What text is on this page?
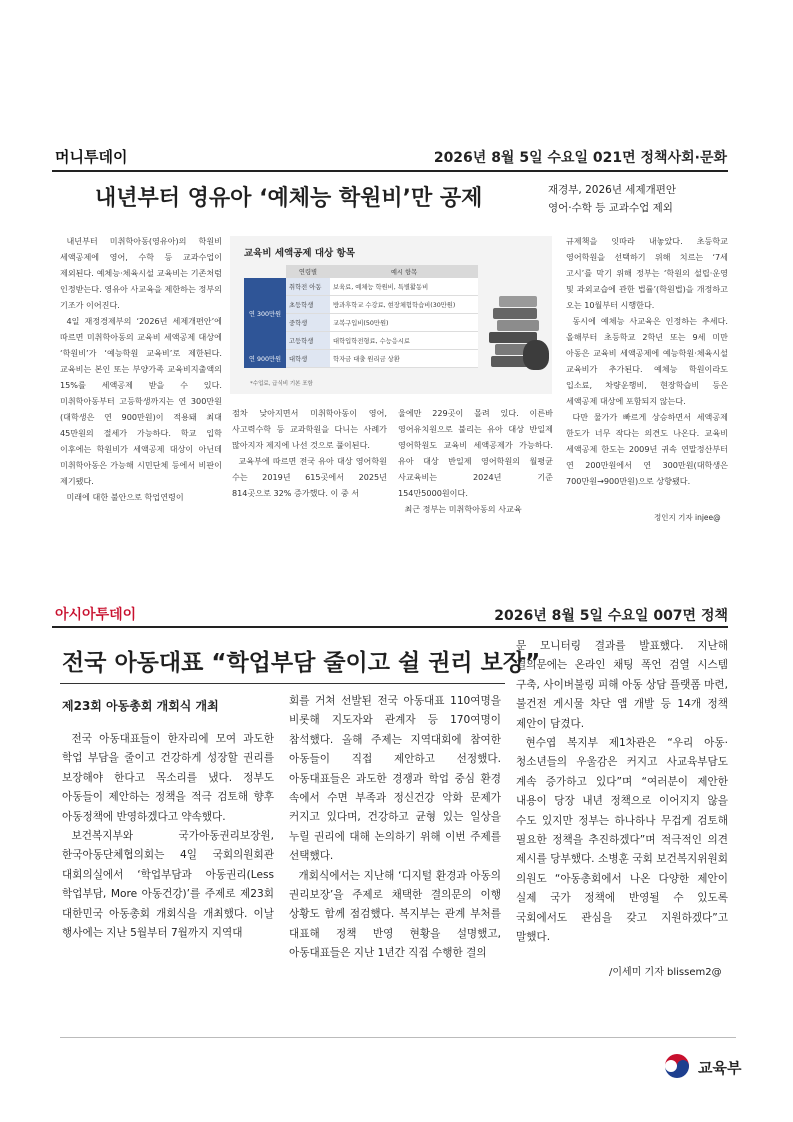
머니투데이	2026년 8월 5일 수요일 021면 정책사회·문화
내년부터 영유아 ‘예체능 학원비’만 공제	재경부, 2026년 세제개편안
영어·수학 등 교과수업 제외

내년부터 미취학아동(영유아)의 학원비 세액공제에 영어, 수학 등 교과수업이 제외된다. 예체능·체육시설 교육비는 기존처럼 인정받는다. 영유아 사교육을 제한하는 정부의 기조가 이어진다.

4일 재정경제부의 ‘2026년 세제개편안’에 따르면 미취학아동의 교육비 세액공제 대상에 ‘학원비’가 ‘예능학원 교육비’로 제한된다. 교육비는 본인 또는 부양가족 교육비지출액의 15%를 세액공제 받을 수 있다. 미취학아동부터 고등학생까지는 연 300만원(대학생은 연 900만원)이 적용돼 최대 45만원의 절세가 가능하다. 학교 입학 이후에는 학원비가 세액공제 대상이 아닌데 미취학아동은 가능해 시민단체 등에서 비판이 제기됐다.

미래에 대한 불안으로 학업연령이

교육비 세액공제 대상 항목
	연령별	예시 항목
연 300만원	취학전 아동	보육료, 예체능 학원비, 특별활동비
	초등학생	방과후학교 수강료, 현장체험학습비(30만원)
	중학생	교복구입비(50만원)
	고등학생	대학입학전형료, 수능응시료
연 900만원	대학생	학자금 대출 원리금 상환
*수업료, 급식비 기본 포함

점차 낮아지면서 미취학아동이 영어, 사고력수학 등 교과학원을 다니는 사례가 많아지자 제지에 나선 것으로 풀이된다.

교육부에 따르면 전국 유아 대상 영어학원 수는 2019년 615곳에서 2025년 814곳으로 32% 증가했다. 이 중 서

울에만 229곳이 몰려 있다. 이른바 영어유치원으로 불리는 유아 대상 반일제 영어학원도 교육비 세액공제가 가능하다. 유아 대상 반일제 영어학원의 월평균 사교육비는 2024년 기준 154만5000원이다.

최근 정부는 미취학아동의 사교육

규제책을 잇따라 내놓았다. 초등학교 영어학원을 선택하기 위해 치르는 ‘7세 고시’를 막기 위해 정부는 ‘학원의 설립·운영 및 과외교습에 관한 법률’(학원법)을 개정하고 오는 10월부터 시행한다.

동시에 예체능 사교육은 인정하는 추세다. 올해부터 초등학교 2학년 또는 9세 미만 아동은 교육비 세액공제에 예능학원·체육시설 교육비가 추가된다. 예체능 학원이라도 입소료, 차량운행비, 현장학습비 등은 세액공제 대상에 포함되지 않는다.

다만 물가가 빠르게 상승하면서 세액공제 한도가 너무 작다는 의견도 나온다. 교육비 세액공제 한도는 2009년 귀속 연말정산부터 연 200만원에서 연 300만원(대학생은 700만원→900만원)으로 상향됐다.

정인지 기자 injee@
아시아투데이	2026년 8월 5일 수요일 007면 정책
전국 아동대표 “학업부담 줄이고 쉴 권리 보장”
제23회 아동총회 개회식 개최

전국 아동대표들이 한자리에 모여 과도한 학업 부담을 줄이고 건강하게 성장할 권리를 보장해야 한다고 목소리를 냈다. 정부도 아동들이 제안하는 정책을 적극 검토해 향후 아동정책에 반영하겠다고 약속했다.

보건복지부와 국가아동권리보장원, 한국아동단체협의회는 4일 국회의원회관 대회의실에서 ‘학업부담과 아동권리(Less 학업부담, More 아동건강)’를 주제로 제23회 대한민국 아동총회 개회식을 개최했다. 이날 행사에는 지난 5월부터 7월까지 지역대

회를 거쳐 선발된 전국 아동대표 110여명을 비롯해 지도자와 관계자 등 170여명이 참석했다. 올해 주제는 지역대회에 참여한 아동들이 직접 제안하고 선정했다. 아동대표들은 과도한 경쟁과 학업 중심 환경 속에서 수면 부족과 정신건강 악화 문제가 커지고 있다며, 건강하고 균형 있는 일상을 누릴 권리에 대해 논의하기 위해 이번 주제를 선택했다.

개회식에서는 지난해 ‘디지털 환경과 아동의 권리보장’을 주제로 채택한 결의문의 이행 상황도 함께 점검했다. 복지부는 관계 부처를 대표해 정책 반영 현황을 설명했고, 아동대표들은 지난 1년간 직접 수행한 결의

문 모니터링 결과를 발표했다. 지난해 결의문에는 온라인 채팅 폭언 검열 시스템 구축, 사이버불링 피해 아동 상담 플랫폼 마련, 불건전 게시물 차단 앱 개발 등 14개 정책 제안이 담겼다.

현수엽 복지부 제1차관은 “우리 아동·청소년들의 우울감은 커지고 사교육부담도 계속 증가하고 있다”며 “여러분이 제안한 내용이 당장 내년 정책으로 이어지지 않을 수도 있지만 정부는 하나하나 무겁게 검토해 필요한 정책을 추진하겠다”며 적극적인 의견 제시를 당부했다. 소병훈 국회 보건복지위원회 의원도 “아동총회에서 나온 다양한 제안이 실제 국가 정책에 반영될 수 있도록 국회에서도 관심을 갖고 지원하겠다”고 말했다.

/이세미 기자 blissem2@
교육부
